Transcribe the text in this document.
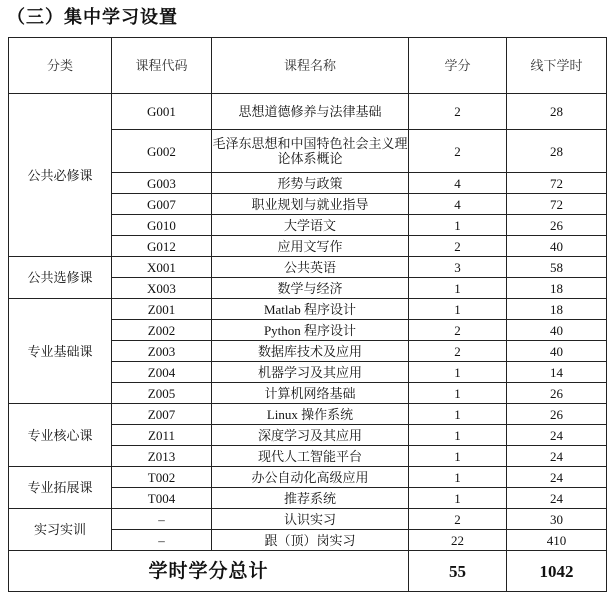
（三）集中学习设置
分类	课程代码	课程名称	学分	线下学时
公共必修课	G001	思想道德修养与法律基础	2	28
	G002	毛泽东思想和中国特色社会主义理论体系概论	2	28
	G003	形势与政策	4	72
	G007	职业规划与就业指导	4	72
	G010	大学语文	1	26
	G012	应用文写作	2	40
公共选修课	X001	公共英语	3	58
	X003	数学与经济	1	18
专业基础课	Z001	Matlab 程序设计	1	18
	Z002	Python 程序设计	2	40
	Z003	数据库技术及应用	2	40
	Z004	机器学习及其应用	1	14
	Z005	计算机网络基础	1	26
专业核心课	Z007	Linux 操作系统	1	26
	Z011	深度学习及其应用	1	24
	Z013	现代人工智能平台	1	24
专业拓展课	T002	办公自动化高级应用	1	24
	T004	推荐系统	1	24
实习实训	–	认识实习	2	30
	–	跟（顶）岗实习	22	410
学时学分总计			55	1042
